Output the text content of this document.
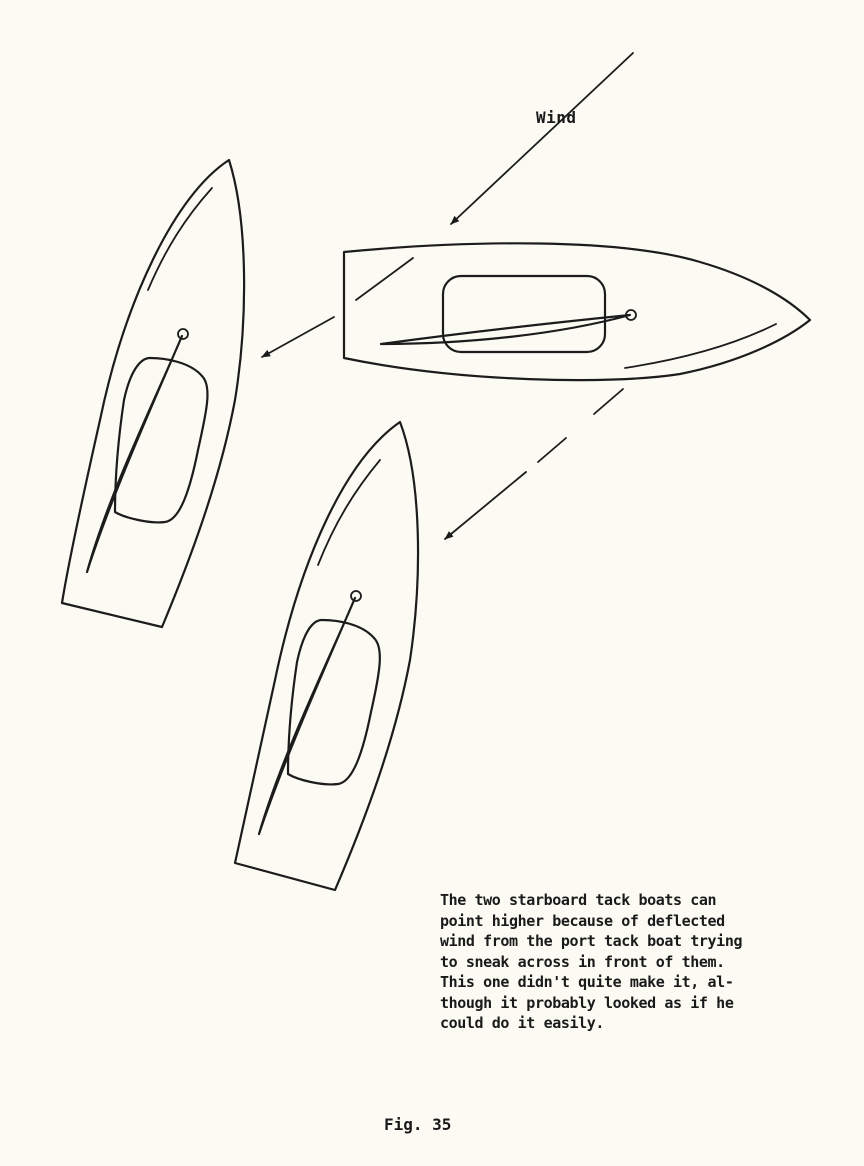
Wind
The two starboard tack boats can
point higher because of deflected
wind from the port tack boat trying
to sneak across in front of them.
This one didn't quite make it, al-
though it probably looked as if he
could do it easily.
Fig. 35
